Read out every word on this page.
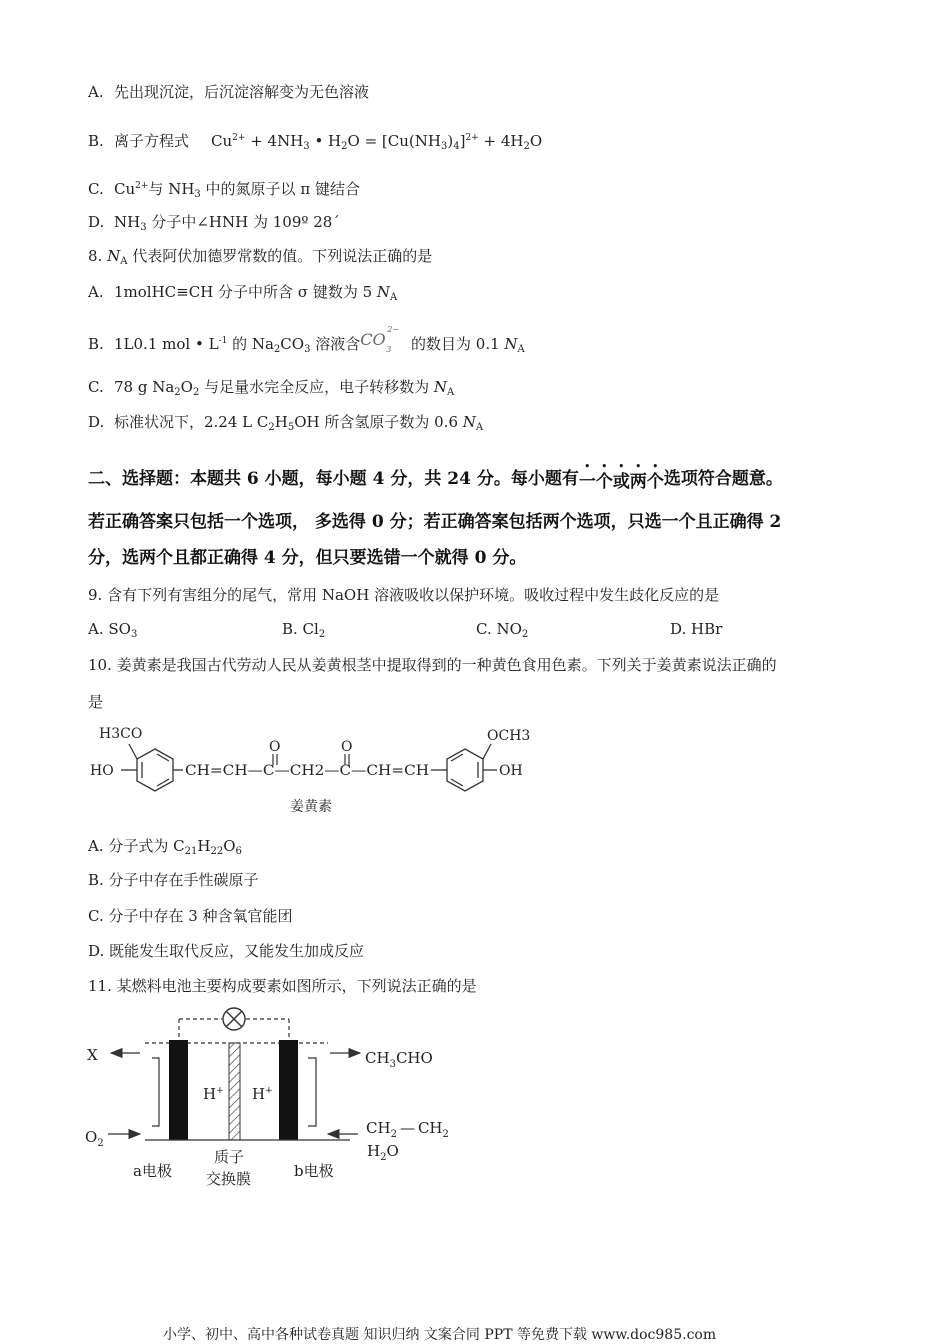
A. 先出现沉淀，后沉淀溶解变为无色溶液
B. 离子方程式 $Cu^{2+} + 4NH_3$ • $H_2O = [Cu(NH_3)_4]^{2+} + 4H_2O$
C. $Cu^{2+}$与 $NH_3$ 中的氮原子以 π 键结合
D. $NH_3$ 分子中∠HNH 为 109º 28´
8. $N_A$ 代表阿伏加德罗常数的值。下列说法正确的是
A. 1molHC≡CH 分子中所含 σ 键数为 5 $N_A$
B. 1L0.1 mol • $L^{-1}$ 的 $Na_2CO_3$ 溶液含CO
3
2−
的数目为 0.1 $N_A$
C. 78 g $Na_2O_2$ 与足量水完全反应，电子转移数为 $N_A$
D. 标准状况下，2.24 L $C_2H_5OH$ 所含氢原子数为 0.6 $N_A$
二、选择题：本题共 6 小题，每小题 4 分，共 24 分。每小题有一个或两个选项符合题意。
若正确答案只包括一个选项， 多选得 0 分；若正确答案包括两个选项，只选一个且正确得 2
分，选两个且都正确得 4 分，但只要选错一个就得 0 分。
9. 含有下列有害组分的尾气，常用 NaOH 溶液吸收以保护环境。吸收过程中发生歧化反应的是
A. $SO_3$	B. $Cl_2$	C. $NO_2$	D. HBr
10. 姜黄素是我国古代劳动人民从姜黄根茎中提取得到的一种黄色食用色素。下列关于姜黄素说法正确的
是
H3CO	OCH3
HO	OH
O	O
CH=CH—C—CH2—C—CH=CH
姜黄素
A. 分子式为 $C_{21}H_{22}O_6$
B. 分子中存在手性碳原子
C. 分子中存在 3 种含氧官能团
D. 既能发生取代反应，又能发生加成反应
11. 某燃料电池主要构成要素如图所示，下列说法正确的是
X
$O_2$
H+ H+
$CH_3CHO$
$CH_2$ — $CH_2$
$H_2O$
a电极
质子
交换膜	b电极
小学、初中、高中各种试卷真题 知识归纳 文案合同 PPT 等免费下载 www.doc985.com
